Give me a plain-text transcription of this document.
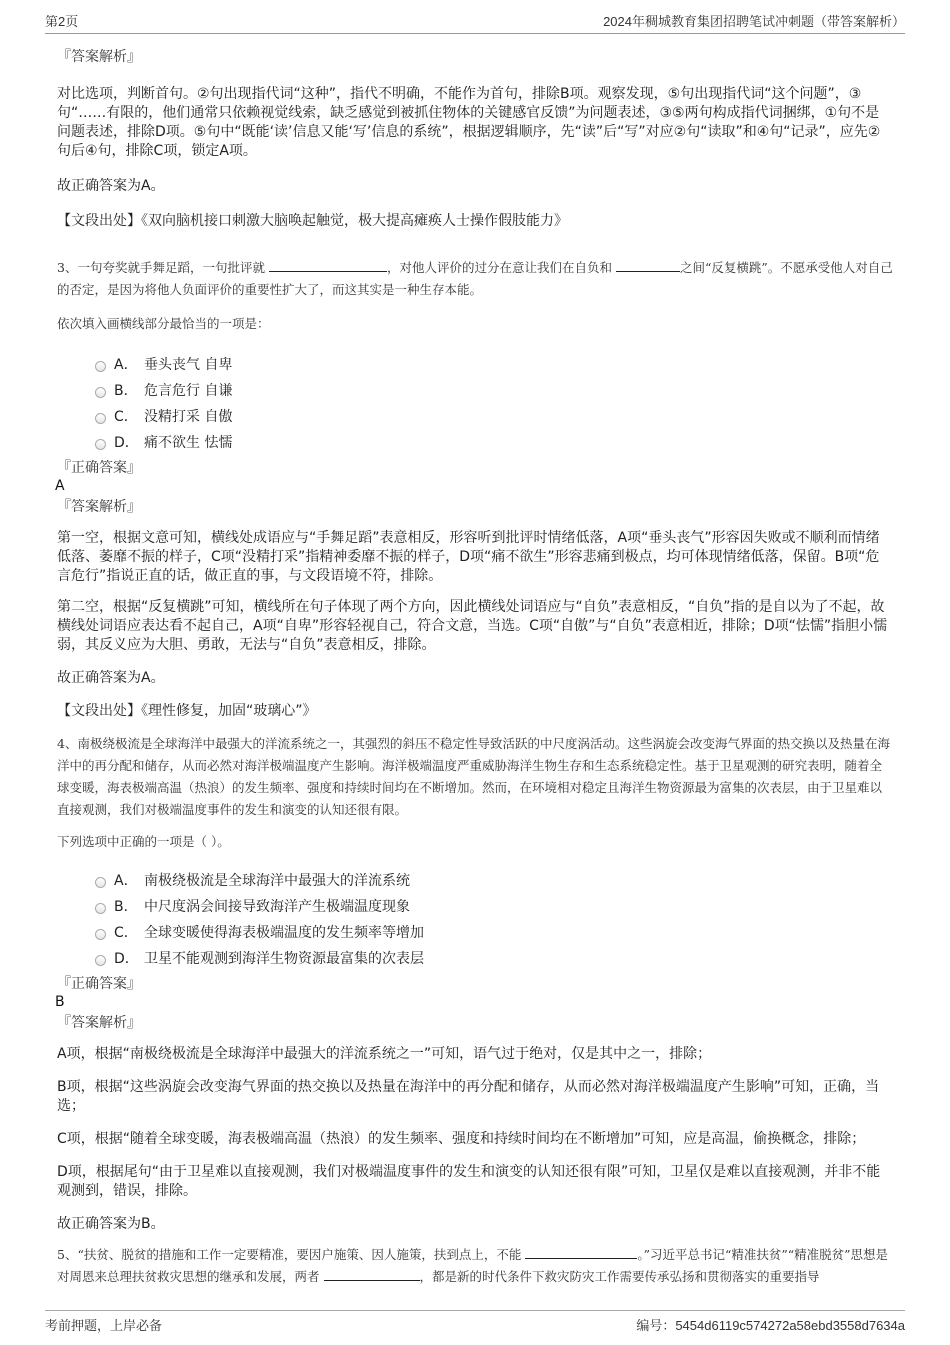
第2页	2024年稠城教育集团招聘笔试冲刺题（带答案解析）
『答案解析』
对比选项，判断首句。②句出现指代词“这种”，指代不明确，不能作为首句，排除B项。观察发现，⑤句出现指代词“这个问题”，③句“……有限的，他们通常只依赖视觉线索，缺乏感觉到被抓住物体的关键感官反馈”为问题表述，③⑤两句构成指代词捆绑，①句不是问题表述，排除D项。⑤句中“既能‘读’信息又能‘写’信息的系统”，根据逻辑顺序，先“读”后“写”对应②句“读取”和④句“记录”，应先②句后④句，排除C项，锁定A项。
故正确答案为A。
【文段出处】《双向脑机接口刺激大脑唤起触觉，极大提高瘫痪人士操作假肢能力》
3、一句夸奖就手舞足蹈，一句批评就	，对他人评价的过分在意让我们在自负和	之间“反复横跳”。不愿承受他人对自己的否定，是因为将他人负面评价的重要性扩大了，而这其实是一种生存本能。
依次填入画横线部分最恰当的一项是：
A． 垂头丧气 自卑
B． 危言危行 自谦
C． 没精打采 自傲
D． 痛不欲生 怯懦
『正确答案』
A
『答案解析』
第一空，根据文意可知，横线处成语应与“手舞足蹈”表意相反，形容听到批评时情绪低落，A项“垂头丧气”形容因失败或不顺利而情绪低落、萎靡不振的样子，C项“没精打采”指精神委靡不振的样子，D项“痛不欲生”形容悲痛到极点，均可体现情绪低落，保留。B项“危言危行”指说正直的话，做正直的事，与文段语境不符，排除。
第二空，根据“反复横跳”可知，横线所在句子体现了两个方向，因此横线处词语应与“自负”表意相反，“自负”指的是自以为了不起，故横线处词语应表达看不起自己，A项“自卑”形容轻视自己，符合文意，当选。C项“自傲”与“自负”表意相近，排除；D项“怯懦”指胆小懦弱，其反义应为大胆、勇敢，无法与“自负”表意相反，排除。
故正确答案为A。
【文段出处】《理性修复，加固“玻璃心”》
4、南极绕极流是全球海洋中最强大的洋流系统之一，其强烈的斜压不稳定性导致活跃的中尺度涡活动。这些涡旋会改变海气界面的热交换以及热量在海洋中的再分配和储存，从而必然对海洋极端温度产生影响。海洋极端温度严重威胁海洋生物生存和生态系统稳定性。基于卫星观测的研究表明，随着全球变暖，海表极端高温（热浪）的发生频率、强度和持续时间均在不断增加。然而，在环境相对稳定且海洋生物资源最为富集的次表层，由于卫星难以直接观测，我们对极端温度事件的发生和演变的认知还很有限。
下列选项中正确的一项是（ ）。
A． 南极绕极流是全球海洋中最强大的洋流系统
B． 中尺度涡会间接导致海洋产生极端温度现象
C． 全球变暖使得海表极端温度的发生频率等增加
D． 卫星不能观测到海洋生物资源最富集的次表层
『正确答案』
B
『答案解析』
A项，根据“南极绕极流是全球海洋中最强大的洋流系统之一”可知，语气过于绝对，仅是其中之一，排除；
B项，根据“这些涡旋会改变海气界面的热交换以及热量在海洋中的再分配和储存，从而必然对海洋极端温度产生影响”可知，正确，当选；
C项，根据“随着全球变暖，海表极端高温（热浪）的发生频率、强度和持续时间均在不断增加”可知，应是高温，偷换概念，排除；
D项，根据尾句“由于卫星难以直接观测，我们对极端温度事件的发生和演变的认知还很有限”可知，卫星仅是难以直接观测，并非不能观测到，错误，排除。
故正确答案为B。
5、“扶贫、脱贫的措施和工作一定要精准，要因户施策、因人施策，扶到点上，不能	。”习近平总书记“精准扶贫”“精准脱贫”思想是对周恩来总理扶贫救灾思想的继承和发展，两者	，都是新的时代条件下救灾防灾工作需要传承弘扬和贯彻落实的重要指导
考前押题，上岸必备	编号：5454d6119c574272a58ebd3558d7634a
